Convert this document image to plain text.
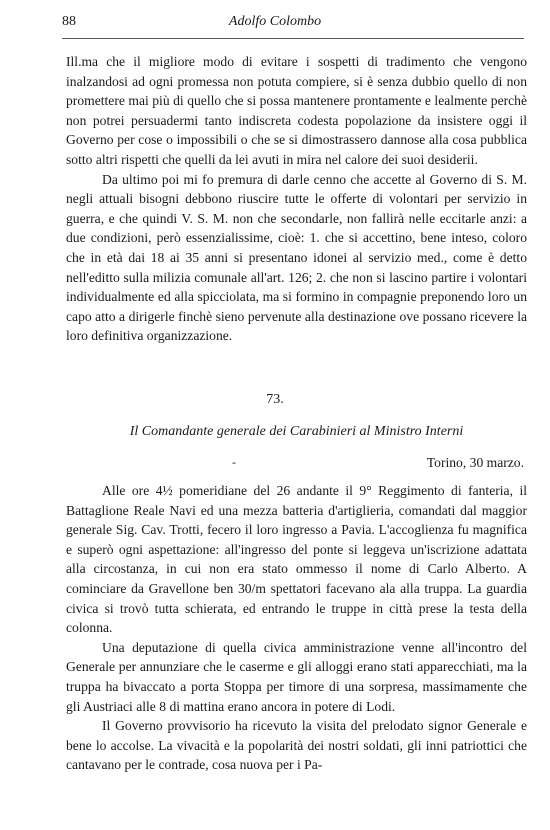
88	Adolfo Colombo

Ill.ma che il migliore modo di evitare i sospetti di tradimento che vengono inalzandosi ad ogni promessa non potuta compiere, si è senza dubbio quello di non promettere mai più di quello che si possa mantenere prontamente e lealmente perchè non potrei persuadermi tanto indiscreta codesta popolazione da insistere oggi il Governo per cose o impossibili o che se si dimostrassero dannose alla cosa pubblica sotto altri rispetti che quelli da lei avuti in mira nel calore dei suoi desiderii.

Da ultimo poi mi fo premura di darle cenno che accette al Governo di S. M. negli attuali bisogni debbono riuscire tutte le offerte di volontari per servizio in guerra, e che quindi V. S. M. non che secondarle, non fallirà nelle eccitarle anzi: a due condizioni, però essenzialissime, cioè: 1. che si accettino, bene inteso, coloro che in età dai 18 ai 35 anni si presentano idonei al servizio med., come è detto nell'editto sulla milizia comunale all'art. 126; 2. che non si lascino partire i volontari individualmente ed alla spicciolata, ma si formino in compagnie preponendo loro un capo atto a dirigerle finchè sieno pervenute alla destinazione ove possano ricevere la loro definitiva organizzazione.

73.
Il Comandante generale dei Carabinieri al Ministro Interni
-	Torino, 30 marzo.

Alle ore 4½ pomeridiane del 26 andante il 9° Reggimento di fanteria, il Battaglione Reale Navi ed una mezza batteria d'artiglieria, comandati dal maggior generale Sig. Cav. Trotti, fecero il loro ingresso a Pavia. L'accoglienza fu magnifica e superò ogni aspettazione: all'ingresso del ponte si leggeva un'iscrizione adattata alla circostanza, in cui non era stato ommesso il nome di Carlo Alberto. A cominciare da Gravellone ben 30/m spettatori facevano ala alla truppa. La guardia civica si trovò tutta schierata, ed entrando le truppe in città prese la testa della colonna.

Una deputazione di quella civica amministrazione venne all'incontro del Generale per annunziare che le caserme e gli alloggi erano stati apparecchiati, ma la truppa ha bivaccato a porta Stoppa per timore di una sorpresa, massimamente che gli Austriaci alle 8 di mattina erano ancora in potere di Lodi.

Il Governo provvisorio ha ricevuto la visita del prelodato signor Generale e bene lo accolse. La vivacità e la popolarità dei nostri soldati, gli inni patriottici che cantavano per le contrade, cosa nuova per i Pa-
